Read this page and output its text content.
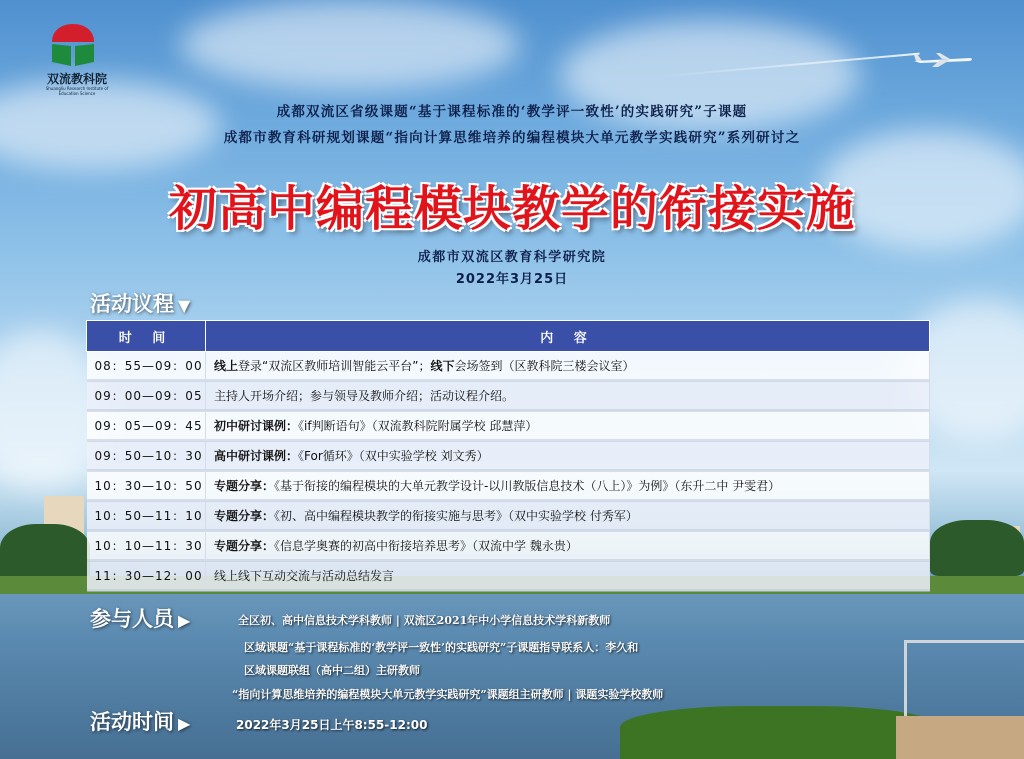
双流教科院
Shuangliu Research Institute of Education Science
成都双流区省级课题“基于课程标准的‘教学评一致性’的实践研究”子课题
成都市教育科研规划课题“指向计算思维培养的编程模块大单元教学实践研究”系列研讨之
初高中编程模块教学的衔接实施
成都市双流区教育科学研究院
2022年3月25日
活动议程 ▼
时 间	内 容
08：55—09：00	线上登录“双流区教师培训智能云平台”；线下会场签到（区教科院三楼会议室）
09：00—09：05	主持人开场介绍；参与领导及教师介绍；活动议程介绍。
09：05—09：45	初中研讨课例：《if判断语句》（双流教科院附属学校 邱慧萍）
09：50—10：30	高中研讨课例：《For循环》（双中实验学校 刘文秀）
10：30—10：50	专题分享：《基于衔接的编程模块的大单元教学设计-以川教版信息技术（八上）》为例》（东升二中 尹雯君）
10：50—11：10	专题分享：《初、高中编程模块教学的衔接实施与思考》（双中实验学校 付秀军）
10：10—11：30	专题分享：《信息学奥赛的初高中衔接培养思考》（双流中学 魏永贵）
11：30—12：00	线上线下互动交流与活动总结发言
参与人员 ▶	全区初、高中信息技术学科教师 | 双流区2021年中小学信息技术学科新教师
区域课题“基于课程标准的‘教学评一致性’的实践研究”子课题指导联系人：李久和
区域课题联组（高中二组）主研教师
“指向计算思维培养的编程模块大单元教学实践研究”课题组主研教师 | 课题实验学校教师
活动时间 ▶	2022年3月25日上午8:55-12:00
